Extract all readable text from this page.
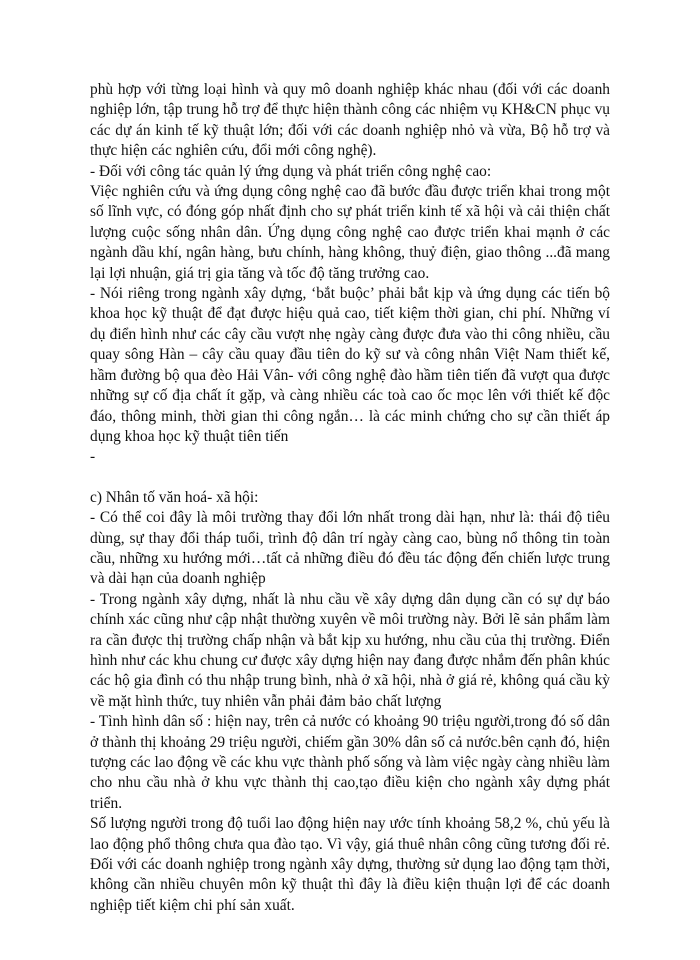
phù hợp với từng loại hình và quy mô doanh nghiệp khác nhau (đối với các doanh nghiệp lớn, tập trung hỗ trợ để thực hiện thành công các nhiệm vụ KH&CN phục vụ các dự án kinh tế kỹ thuật lớn; đối với các doanh nghiệp nhỏ và vừa, Bộ hỗ trợ và thực hiện các nghiên cứu, đổi mới công nghệ).

- Đối với công tác quản lý ứng dụng và phát triển công nghệ cao:

Việc nghiên cứu và ứng dụng công nghệ cao đã bước đầu được triển khai trong một số lĩnh vực, có đóng góp nhất định cho sự phát triển kinh tế xã hội và cải thiện chất lượng cuộc sống nhân dân. Ứng dụng công nghệ cao được triển khai mạnh ở các ngành dầu khí, ngân hàng, bưu chính, hàng không, thuỷ điện, giao thông ...đã mang lại lợi nhuận, giá trị gia tăng và tốc độ tăng trưởng cao.

- Nói riêng trong ngành xây dựng, ‘bắt buộc’ phải bắt kịp và ứng dụng các tiến bộ khoa học kỹ thuật để đạt được hiệu quả cao, tiết kiệm thời gian, chi phí. Những ví dụ điển hình như các cây cầu vượt nhẹ ngày càng được đưa vào thi công nhiều, cầu quay sông Hàn – cây cầu quay đầu tiên do kỹ sư và công nhân Việt Nam thiết kế, hầm đường bộ qua đèo Hải Vân- với công nghệ đào hầm tiên tiến đã vượt qua được những sự cố địa chất ít gặp, và càng nhiều các toà cao ốc mọc lên với thiết kế độc đáo, thông minh, thời gian thi công ngắn… là các minh chứng cho sự cần thiết áp dụng khoa học kỹ thuật tiên tiến

-

c) Nhân tố văn hoá- xã hội:

- Có thể coi đây là môi trường thay đổi lớn nhất trong dài hạn, như là: thái độ tiêu dùng, sự thay đổi tháp tuổi, trình độ dân trí ngày càng cao, bùng nổ thông tin toàn cầu, những xu hướng mới…tất cả những điều đó đều tác động đến chiến lược trung và dài hạn của doanh nghiệp

- Trong ngành xây dựng, nhất là nhu cầu về xây dựng dân dụng cần có sự dự báo chính xác cũng như cập nhật thường xuyên về môi trường này. Bởi lẽ sản phẩm làm ra cần được thị trường chấp nhận và bắt kịp xu hướng, nhu cầu của thị trường. Điển hình như các khu chung cư được xây dựng hiện nay đang được nhắm đến phân khúc các hộ gia đình có thu nhập trung bình, nhà ở xã hội, nhà ở giá rẻ, không quá cầu kỳ về mặt hình thức, tuy nhiên vẫn phải đảm bảo chất lượng

- Tình hình dân số : hiện nay, trên cả nước có khoảng 90 triệu người,trong đó số dân ở thành thị khoảng 29 triệu người, chiếm gần 30% dân số cả nước.bên cạnh đó, hiện tượng các lao động về các khu vực thành phố sống và làm việc ngày càng nhiều làm cho nhu cầu nhà ở khu vực thành thị cao,tạo điều kiện cho ngành xây dựng phát triển.

Số lượng người trong độ tuổi lao động hiện nay ước tính khoảng 58,2 %, chủ yếu là lao động phổ thông chưa qua đào tạo. Vì vậy, giá thuê nhân công cũng tương đối rẻ. Đối với các doanh nghiệp trong ngành xây dựng, thường sử dụng lao động tạm thời, không cần nhiều chuyên môn kỹ thuật thì đây là điều kiện thuận lợi để các doanh nghiệp tiết kiệm chi phí sản xuất.
